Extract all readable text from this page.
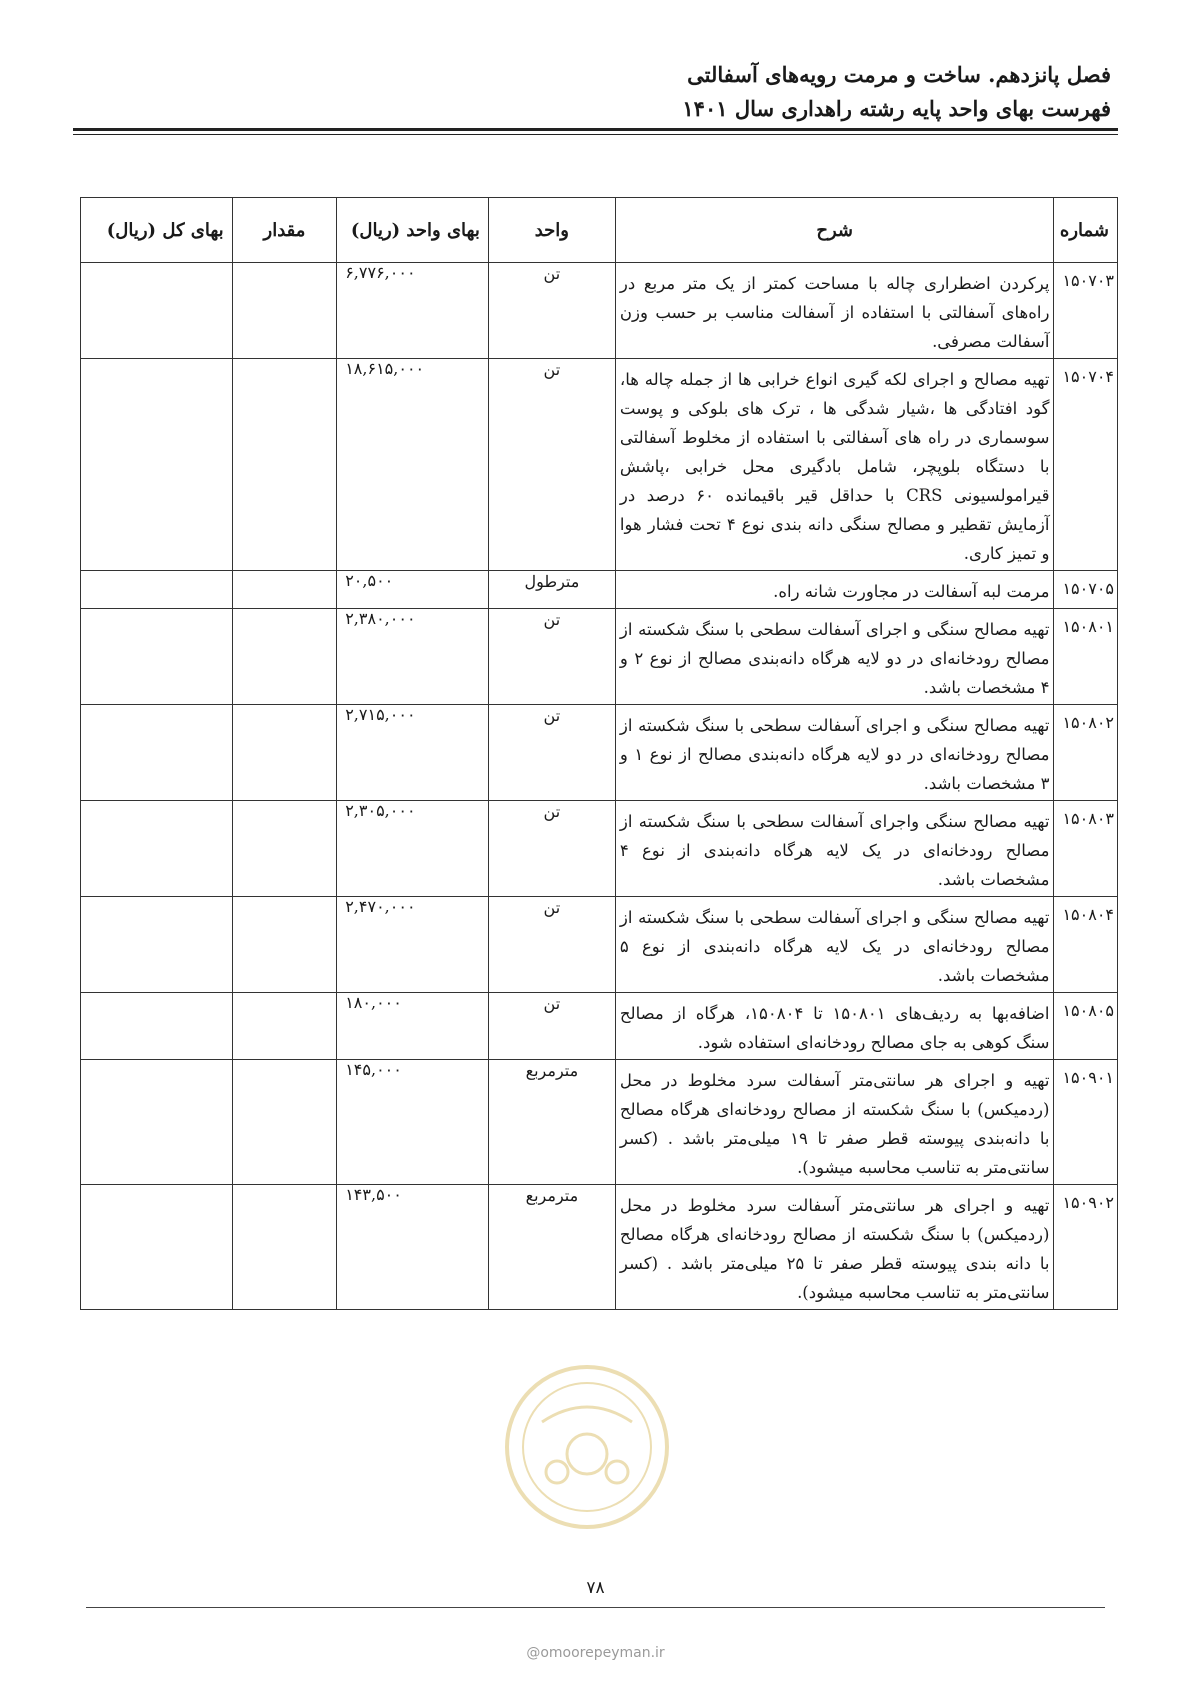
فصل پانزدهم. ساخت و مرمت رویه‌های آسفالتی
فهرست بهای واحد پایه رشته راهداری سال ۱۴۰۱
شماره	شرح	واحد	بهای واحد (ریال)	مقدار	بهای کل (ریال)
۱۵۰۷۰۳	پرکردن اضطراری چاله با مساحت کمتر از یک متر مربع در راه‌های آسفالتی با استفاده از آسفالت مناسب بر حسب وزن آسفالت مصرفی.	تن	۶,۷۷۶,۰۰۰		
۱۵۰۷۰۴	تهیه مصالح و اجرای لکه گیری انواع خرابی ها از جمله چاله ها، گود افتادگی ها ،شیار شدگی ها ، ترک های بلوکی و پوست سوسماری در راه های آسفالتی با استفاده از مخلوط آسفالتی با دستگاه بلوپچر، شامل بادگیری محل خرابی ،پاشش قیرامولسیونی CRS با حداقل قیر باقیمانده ۶۰ درصد در آزمایش تقطیر و مصالح سنگی دانه بندی نوع ۴ تحت فشار هوا و تمیز کاری.	تن	۱۸,۶۱۵,۰۰۰		
۱۵۰۷۰۵	مرمت لبه آسفالت در مجاورت شانه راه.	مترطول	۲۰,۵۰۰		
۱۵۰۸۰۱	تهیه مصالح سنگی و اجرای آسفالت سطحی با سنگ شکسته از مصالح رودخانه‌ای در دو لایه هرگاه دانه‌بندی مصالح از نوع ۲ و ۴ مشخصات باشد.	تن	۲,۳۸۰,۰۰۰		
۱۵۰۸۰۲	تهیه مصالح سنگی و اجرای آسفالت سطحی با سنگ شکسته از مصالح رودخانه‌ای در دو لایه هرگاه دانه‌بندی مصالح از نوع ۱ و ۳ مشخصات باشد.	تن	۲,۷۱۵,۰۰۰		
۱۵۰۸۰۳	تهیه مصالح سنگی واجرای آسفالت سطحی با سنگ شکسته از مصالح رودخانه‌ای در یک لایه هرگاه دانه‌بندی از نوع ۴ مشخصات باشد.	تن	۲,۳۰۵,۰۰۰		
۱۵۰۸۰۴	تهیه مصالح سنگی و اجرای آسفالت سطحی با سنگ شکسته از مصالح رودخانه‌ای در یک لایه هرگاه دانه‌بندی از نوع ۵ مشخصات باشد.	تن	۲,۴۷۰,۰۰۰		
۱۵۰۸۰۵	اضافه‌بها به ردیف‌های ۱۵۰۸۰۱ تا ۱۵۰۸۰۴، هرگاه از مصالح سنگ کوهی به جای مصالح رودخانه‌ای استفاده شود.	تن	۱۸۰,۰۰۰		
۱۵۰۹۰۱	تهیه و اجرای هر سانتی‌متر آسفالت سرد مخلوط در محل (ردمیکس) با سنگ شکسته از مصالح رودخانه‌ای هرگاه مصالح با دانه‌بندی پیوسته قطر صفر تا ۱۹ میلی‌متر باشد . (کسر سانتی‌متر به تناسب محاسبه میشود).	مترمربع	۱۴۵,۰۰۰		
۱۵۰۹۰۲	تهیه و اجرای هر سانتی‌متر آسفالت سرد مخلوط در محل (ردمیکس) با سنگ شکسته از مصالح رودخانه‌ای هرگاه مصالح با دانه بندی پیوسته قطر صفر تا ۲۵ میلی‌متر باشد . (کسر سانتی‌متر به تناسب محاسبه میشود).	مترمربع	۱۴۳,۵۰۰		
۷۸
@omoorepeyman.ir
